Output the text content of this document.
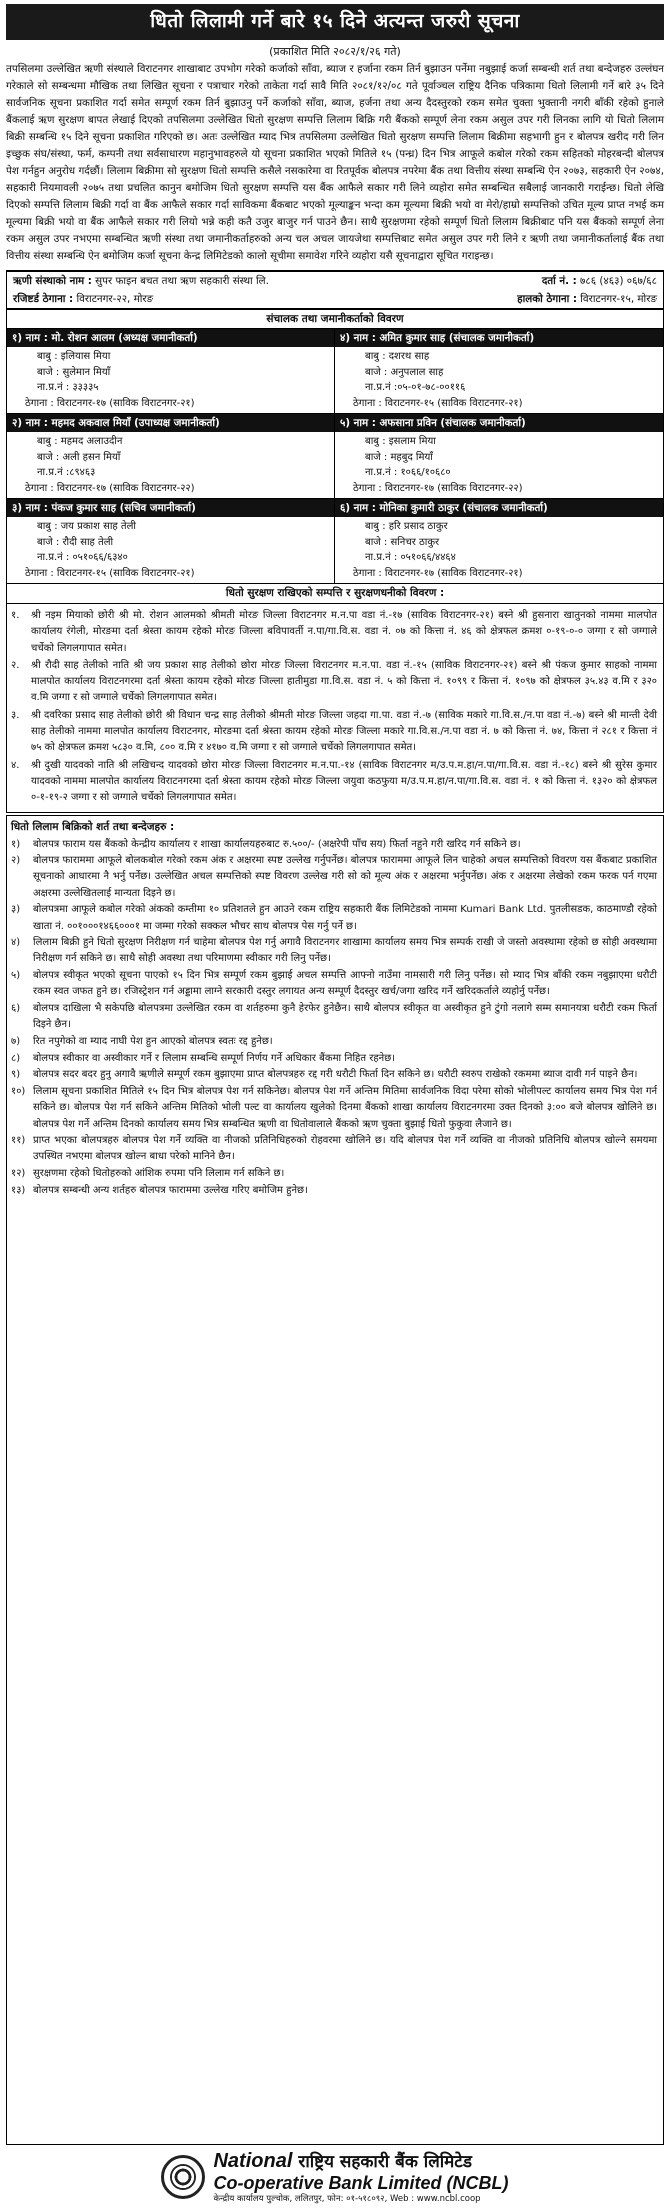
धितो लिलामी गर्ने बारे १५ दिने अत्यन्त जरुरी सूचना
(प्रकाशित मिति २०८२/१/२६ गते)
तपसिलमा उल्लेखित ऋणी संस्थाले विराटनगर शाखाबाट उपभोग गरेको कर्जाको साँवा, ब्याज र हर्जाना रकम तिर्न बुझाउन पर्नेमा नबुझाई कर्जा सम्बन्धी शर्त तथा बन्देजहरु उल्लंघन गरेकाले सो सम्बन्धमा मौखिक तथा लिखित सूचना र पत्राचार गरेको ताकेता गर्दा सावै मिति २०८१/१२/०८ गते पूर्वाञ्चल राष्ट्रिय दैनिक पत्रिकामा धितो लिलामी गर्ने बारे ३५ दिने सार्वजनिक सूचना प्रकाशित गर्दा समेत सम्पूर्ण रकम तिर्न बुझाउनु पर्ने कर्जाको साँवा, ब्याज, हर्जना तथा अन्य दैदस्तुरको रकम समेत चुक्ता भुक्तानी नगरी बाँकी रहेको हुनाले बैंकलाई ऋण सुरक्षण बापत लेखाई दिएको तपसिलमा उल्लेखित धितो सुरक्षण सम्पत्ति लिलाम बिक्रि गरी बैंकको सम्पूर्ण लेना रकम असुल उपर गरी लिनका लागि यो धितो लिलाम बिक्री सम्बन्धि १५ दिने सूचना प्रकाशित गरिएको छ। अतः उल्लेखित म्याद भित्र तपसिलमा उल्लेखित धितो सुरक्षण सम्पत्ति लिलाम बिक्रीमा सहभागी हुन र बोलपत्र खरीद गरी लिन इच्छुक संघ/संस्था, फर्म, कम्पनी तथा सर्वसाधारण महानुभावहरुले यो सूचना प्रकाशित भएको मितिले १५ (पन्ध्र) दिन भित्र आफूले कबोल गरेको रकम सहितको मोहरबन्दी बोलपत्र पेश गर्नहुन अनुरोध गर्दछौं। लिलाम बिक्रीमा सो सुरक्षण धितो सम्पत्ति कसैले नसकारेमा वा रितपूर्वक बोलपत्र नपरेमा बैंक तथा वित्तीय संस्था सम्बन्धि ऐन २०७३, सहकारी ऐन २०७४, सहकारी नियमावली २०७५ तथा प्रचलित कानुन बमोजिम धितो सुरक्षण सम्पत्ति यस बैंक आफैले सकार गरी लिने व्यहोरा समेत सम्बन्धित सबैलाई जानकारी गराईन्छ। धितो लेखि दिएको सम्पत्ति लिलाम बिक्री गर्दा वा बैंक आफैले सकार गर्दा साविकमा बैंकबाट भएको मूल्याङ्कन भन्दा कम मूल्यमा बिक्री भयो वा मेरो/हाम्रो सम्पत्तिको उचित मूल्य प्राप्त नभई कम मूल्यमा बिक्री भयो वा बैंक आफैले सकार गरी लियो भन्ने कही कतै उजुर बाजुर गर्न पाउने छैन। साथै सुरक्षणमा रहेको सम्पूर्ण धितो लिलाम बिक्रीबाट पनि यस बैंकको सम्पूर्ण लेना रकम असुल उपर नभएमा सम्बन्धित ऋणी संस्था तथा जमानीकर्ताहरुको अन्य चल अचल जायजेथा सम्पत्तिबाट समेत असुल उपर गरी लिने र ऋणी तथा जमानीकर्तालाई बैंक तथा वित्तीय संस्था सम्बन्धि ऐन बमोजिम कर्जा सूचना केन्द्र लिमिटेडको कालो सूचीमा समावेश गरिने व्यहोरा यसै सूचनाद्वारा सूचित गराइन्छ।
ऋणी संस्थाको नाम : सुपर फाइन बचत तथा ऋण सहकारी संस्था लि.	दर्ता नं. : ७८६ (४६३) ०६७/६८
रजिष्टर्ड ठेगाना : विराटनगर-२२, मोरङ	हालको ठेगाना : विराटनगर-१५, मोरङ
संचालक तथा जमानीकर्ताको विवरण
१) नाम : मो. रोशन आलम (अध्यक्ष जमानीकर्ता)
बाबु : इलियास मिया
बाजे : सुलेमान मियाँ
ना.प्र.नं : ३३३३५
ठेगाना : विराटनगर-१७ (साविक विराटनगर-२१)
४) नाम : अमित कुमार साह (संचालक जमानीकर्ता)
बाबु : दशरथ साह
बाजे : अनुपलाल साह
ना.प्र.नं :०५-०१-७८-००११६
ठेगाना : विराटनगर-१५ (साविक विराटनगर-२१)
२) नाम : महमद अकवाल मियाँ (उपाध्यक्ष जमानीकर्ता)
बाबु : महमद अलाउदीन
बाजे : अली हसन मियाँ
ना.प्र.नं :८९४६३
ठेगाना : विराटनगर-१७ (साविक विराटनगर-२२)
५) नाम : अफसाना प्रविन (संचालक जमानीकर्ता)
बाबु : इसलाम मिया
बाजे : महबुद मियाँ
ना.प्र.नं : १०६६/१०६८०
ठेगाना : विराटनगर-१७ (साविक विराटनगर-२२)
३) नाम : पंकज कुमार साह (सचिव जमानीकर्ता)
बाबु : जय प्रकाश साह तेली
बाजे : रौदी साह तेली
ना.प्र.नं : ०५१०६६/६३४०
ठेगाना : विराटनगर-१५ (साविक विराटनगर-२१)
६) नाम : मोनिका कुमारी ठाकुर (संचालक जमानीकर्ता)
बाबु : हरि प्रसाद ठाकुर
बाजे : सनिचर ठाकुर
ना.प्र.नं : ०५१०६६/४४६४
ठेगाना : विराटनगर-१७ (साविक विराटनगर-२१)
धितो सुरक्षण राखिएको सम्पत्ति र सुरक्षणधनीको विवरण :
१.	श्री नइम मियाको छोरी श्री मो. रोशन आलमको श्रीमती मोरङ जिल्ला विराटनगर म.न.पा वडा नं.-१७ (साविक विराटनगर-२१) बस्ने श्री हुसनारा खातुनको नाममा मालपोत कार्यालय रंगेली, मोरङमा दर्ता श्रेस्ता कायम रहेको मोरङ जिल्ला बविपावर्ती न.पा/गा.वि.स. वडा नं. ०७ को कित्ता नं. ४६ को क्षेत्रफल क्रमश ०-१९-०-० जग्गा र सो जग्गाले चर्चेको लिगलगापात समेत।
२.	श्री रौदी साह तेलीको नाति श्री जय प्रकाश साह तेलीको छोरा मोरङ जिल्ला विराटनगर म.न.पा. वडा नं.-१५ (साविक विराटनगर-२१) बस्ने श्री पंकज कुमार साहको नाममा मालपोत कार्यालय विराटनगरमा दर्ता श्रेस्ता कायम रहेको मोरङ जिल्ला हातीमुडा गा.वि.स. वडा नं. ५ को कित्ता नं. १०९९ र कित्ता नं. १०९७ को क्षेत्रफल ३५.४३ व.मि र ३२० व.मि जग्गा र सो जग्गाले चर्चेको लिगलगापात समेत।
३.	श्री दवरिका प्रसाद साह तेलीको छोरी श्री विधान चन्द्र साह तेलीको श्रीमती मोरङ जिल्ला जहदा गा.पा. वडा नं.-७ (साविक मकारे गा.वि.स./न.पा वडा नं.-७) बस्ने श्री मान्ती देवी साह तेलीको नाममा मालपोत कार्यालय विराटनगर, मोरङमा दर्ता श्रेस्ता कायम रहेको मोरङ जिल्ला मकारे गा.वि.स./न.पा वडा नं. ७ को कित्ता नं. ७४, कित्ता नं २८१ र कित्ता नं ७५ को क्षेत्रफल क्रमश ५८३० व.मि, ८०० व.मि र ४१७० व.मि जग्गा र सो जग्गाले चर्चेको लिगलगापात समेत।
४.	श्री दुखी यादवको नाति श्री लखिचन्द यादवको छोरा मोरङ जिल्ला विराटनगर म.न.पा.-१४ (साविक विराटनगर म/उ.प.म.हा/न.पा/गा.वि.स. वडा नं.-१८) बस्ने श्री सुरेस कुमार यादवको नाममा मालपोत कार्यालय विराटनगरमा दर्ता श्रेस्ता कायम रहेको मोरङ जिल्ला जयुवा कठफुया म/उ.प.म.हा/न.पा/गा.वि.स. वडा नं. १ को कित्ता नं. १३२० को क्षेत्रफल ०-१-१९-२ जग्गा र सो जग्गाले चर्चेको लिगलगापात समेत।
धितो लिलाम बिक्रिको शर्त तथा बन्देजहरु :
१)	बोलपत्र फाराम यस बैंकको केन्द्रीय कार्यालय र शाखा कार्यालयहरुबाट रु.५००/- (अक्षरेपी पाँच सय) फिर्ता नहुने गरी खरिद गर्न सकिने छ।
२)	बोलपत्र फाराममा आफूले बोलकबोल गरेको रकम अंक र अक्षरमा स्पष्ट उल्लेख गर्नुपर्नेछ। बोलपत्र फाराममा आफूले लिन चाहेको अचल सम्पत्तिको विवरण यस बैंकबाट प्रकाशित सूचनाको आधारमा नै भर्नु पर्नेछ। उल्लेखित अचल सम्पत्तिको स्पष्ट विवरण उल्लेख गरी सो को मूल्य अंक र अक्षरमा भर्नुपर्नेछ। अंक र अक्षरमा लेखेको रकम फरक पर्न गएमा अक्षरमा उल्लेखितलाई मान्यता दिइने छ।
३)	बोलपत्रमा आफूले कबोल गरेको अंकको कम्तीमा १० प्रतिशतले हुन आउने रकम राष्ट्रिय सहकारी बैंक लिमिटेडको नाममा Kumari Bank Ltd. पुतलीसडक, काठमाण्डौ रहेको खाता नं. ००१०००१४६६०००१ मा जम्मा गरेको सक्कल भौचर साथ बोलपत्र पेस गर्नु पर्ने छ।
४)	लिलाम बिक्री हुने धितो सुरक्षण निरीक्षण गर्न चाहेमा बोलपत्र पेश गर्नु अगावै विराटनगर शाखामा कार्यालय समय भित्र सम्पर्क राखी जे जस्तो अवस्थामा रहेको छ सोही अवस्थामा निरीक्षण गर्न सकिने छ। साथै सोही अवस्था तथा परिमाणमा स्वीकार गरी लिनु पर्नेछ।
५)	बोलपत्र स्वीकृत भएको सूचना पाएको १५ दिन भित्र सम्पूर्ण रकम बुझाई अचल सम्पत्ति आफ्नो नाउँमा नामसारी गरी लिनु पर्नेछ। सो म्याद भित्र बाँकी रकम नबुझाएमा धरौटी रकम स्वत जफत हुने छ। रजिस्ट्रेशन गर्न अड्डामा लाग्ने सरकारी दस्तुर लगायत अन्य सम्पूर्ण दैदस्तुर खर्च/जगा खरिद गर्ने खरिदकर्ताले व्यहोर्नु पर्नेछ।
६)	बोलपत्र दाखिला भै सकेपछि बोलपत्रमा उल्लेखित रकम वा शर्तहरुमा कुनै हेरफेर हुनेछैन। साथै बोलपत्र स्वीकृत वा अस्वीकृत हुने टुंगो नलागे सम्म समानयत्रा धरौटी रकम फिर्ता दिइने छैन।
७)	रित नपुगेको वा म्याद नाघी पेश हुन आएको बोलपत्र स्वतः रद्द हुनेछ।
८)	बोलपत्र स्वीकार वा अस्वीकार गर्ने र लिलाम सम्बन्धि सम्पूर्ण निर्णय गर्ने अधिकार बैंकमा निहित रहनेछ।
९)	बोलपत्र सदर बदर हुनु अगावै ऋणीले सम्पूर्ण रकम बुझाएमा प्राप्त बोलपत्रहरु रद्द गरी धरौटी फिर्ता दिन सकिने छ। धरौटी स्वरुप राखेको रकममा ब्याज दावी गर्न पाइने छैन।
१०) लिलाम सूचना प्रकाशित मितिले १५ दिन भित्र बोलपत्र पेश गर्न सकिनेछ। बोलपत्र पेश गर्ने अन्तिम मितिमा सार्वजनिक विदा परेमा सोको भोलीपल्ट कार्यालय समय भित्र पेश गर्न सकिने छ। बोलपत्र पेश गर्न सकिने अन्तिम मितिको भोली पल्ट वा कार्यालय खुलेको दिनमा बैंकको शाखा कार्यालय विराटनगरमा उक्त दिनको ३:०० बजे बोलपत्र खोलिने छ। बोलपत्र पेश गर्ने अन्तिम दिनको कार्यालय समय भित्र सम्बन्धित ऋणी वा धितोवालाले बैंकको ऋण चुक्ता बुझाई धितो फुकुवा लैजाने छ।
११) प्राप्त भएका बोलपत्रहरु बोलपत्र पेश गर्ने व्यक्ति वा नीजको प्रतिनिधिहरुको रोहवरमा खोलिने छ। यदि बोलपत्र पेश गर्ने व्यक्ति वा नीजको प्रतिनिधि बोलपत्र खोल्ने समयमा उपस्थित नभएमा बोलपत्र खोल्न बाधा परेको मानिने छैन।
१२) सुरक्षणमा रहेको धितोहरुको आंशिक रुपमा पनि लिलाम गर्न सकिने छ।
१३) बोलपत्र सम्बन्धी अन्य शर्तहरु बोलपत्र फाराममा उल्लेख गरिए बमोजिम हुनेछ।
National राष्ट्रिय सहकारी बैंक लिमिटेड
Co-operative Bank Limited (NCBL)
केन्द्रीय कार्यालय पुल्चोक, ललितपुर, फोन: ०१-५१८०९२, Web : www.ncbl.coop
